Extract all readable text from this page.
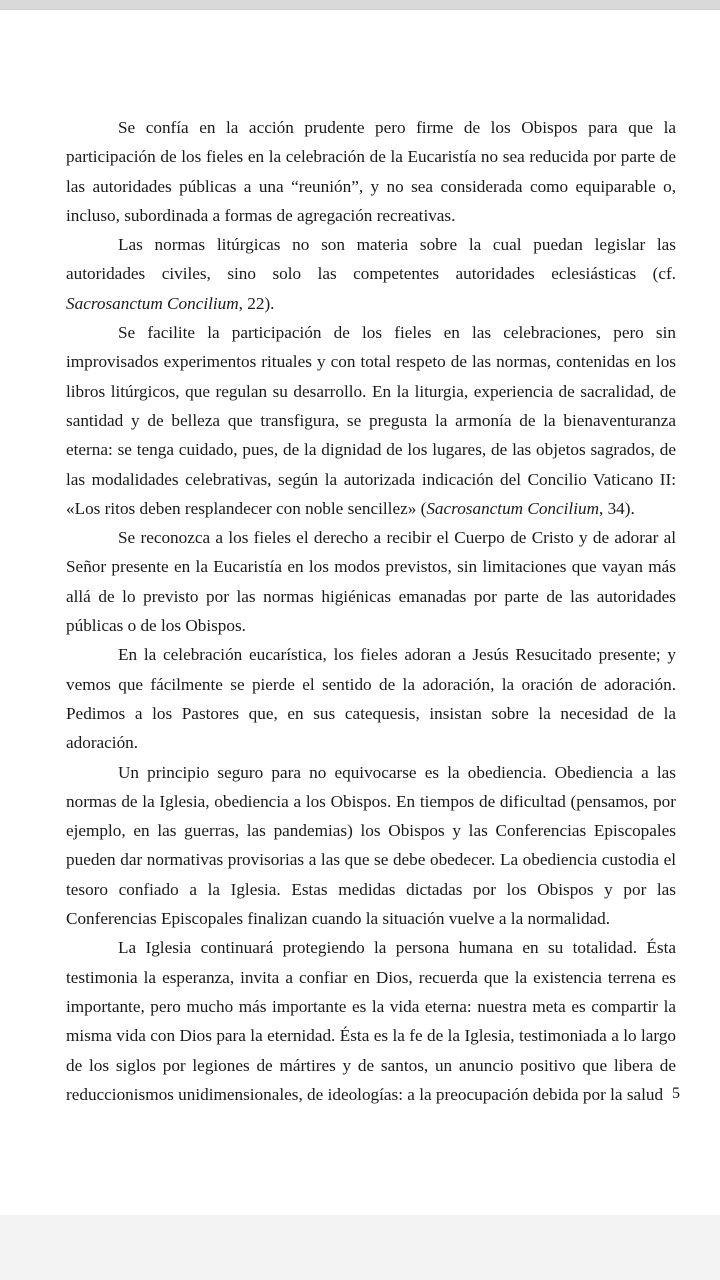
Se confía en la acción prudente pero firme de los Obispos para que la participación de los fieles en la celebración de la Eucaristía no sea reducida por parte de las autoridades públicas a una “reunión”, y no sea considerada como equiparable o, incluso, subordinada a formas de agregación recreativas.

Las normas litúrgicas no son materia sobre la cual puedan legislar las autoridades civiles, sino solo las competentes autoridades eclesiásticas (cf. Sacrosanctum Concilium, 22).

Se facilite la participación de los fieles en las celebraciones, pero sin improvisados experimentos rituales y con total respeto de las normas, contenidas en los libros litúrgicos, que regulan su desarrollo. En la liturgia, experiencia de sacralidad, de santidad y de belleza que transfigura, se pregusta la armonía de la bienaventuranza eterna: se tenga cuidado, pues, de la dignidad de los lugares, de las objetos sagrados, de las modalidades celebrativas, según la autorizada indicación del Concilio Vaticano II: «Los ritos deben resplandecer con noble sencillez» (Sacrosanctum Concilium, 34).

Se reconozca a los fieles el derecho a recibir el Cuerpo de Cristo y de adorar al Señor presente en la Eucaristía en los modos previstos, sin limitaciones que vayan más allá de lo previsto por las normas higiénicas emanadas por parte de las autoridades públicas o de los Obispos.

En la celebración eucarística, los fieles adoran a Jesús Resucitado presente; y vemos que fácilmente se pierde el sentido de la adoración, la oración de adoración. Pedimos a los Pastores que, en sus catequesis, insistan sobre la necesidad de la adoración.

Un principio seguro para no equivocarse es la obediencia. Obediencia a las normas de la Iglesia, obediencia a los Obispos. En tiempos de dificultad (pensamos, por ejemplo, en las guerras, las pandemias) los Obispos y las Conferencias Episcopales pueden dar normativas provisorias a las que se debe obedecer. La obediencia custodia el tesoro confiado a la Iglesia. Estas medidas dictadas por los Obispos y por las Conferencias Episcopales finalizan cuando la situación vuelve a la normalidad.

La Iglesia continuará protegiendo la persona humana en su totalidad. Ésta testimonia la esperanza, invita a confiar en Dios, recuerda que la existencia terrena es importante, pero mucho más importante es la vida eterna: nuestra meta es compartir la misma vida con Dios para la eternidad. Ésta es la fe de la Iglesia, testimoniada a lo largo de los siglos por legiones de mártires y de santos, un anuncio positivo que libera de reduccionismos unidimensionales, de ideologías: a la preocupación debida por la salud 5
